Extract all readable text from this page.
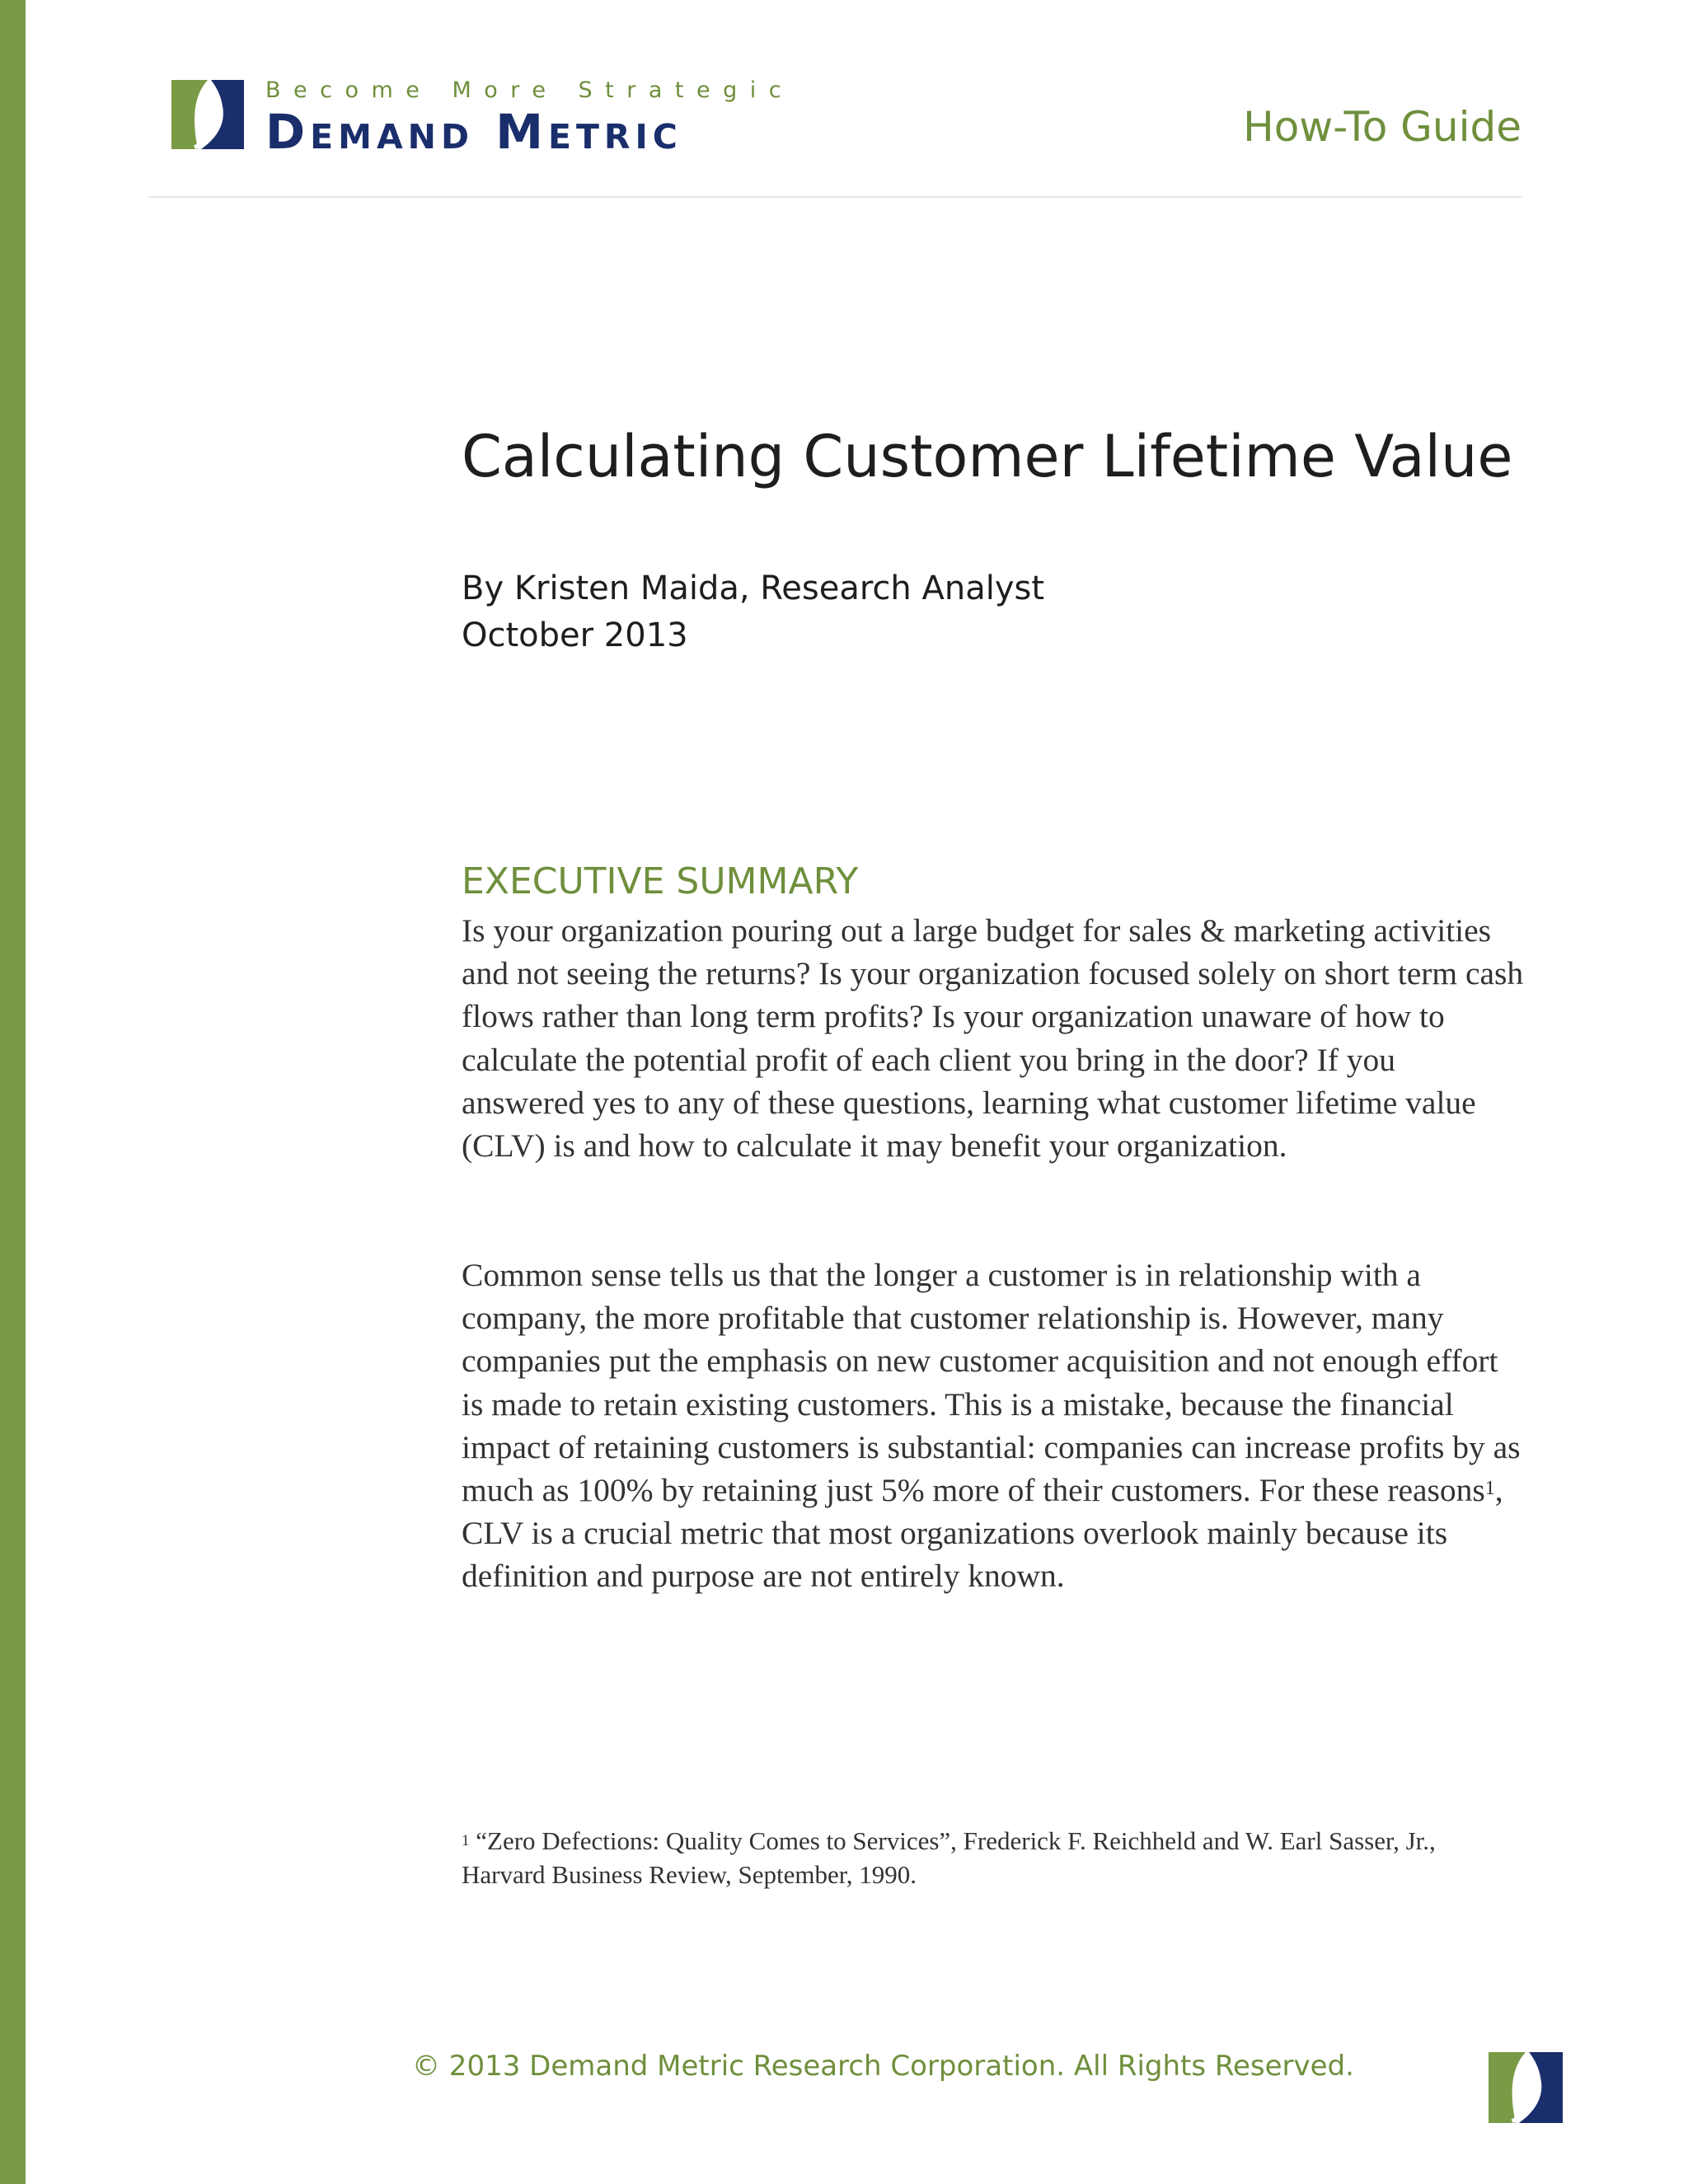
Become More Strategic
Demand Metric	How-To Guide
Calculating Customer Lifetime Value
By Kristen Maida, Research Analyst
October 2013
EXECUTIVE SUMMARY

Is your organization pouring out a large budget for sales & marketing activities and not seeing the returns? Is your organization focused solely on short term cash flows rather than long term profits? Is your organization unaware of how to calculate the potential profit of each client you bring in the door? If you answered yes to any of these questions, learning what customer lifetime value (CLV) is and how to calculate it may benefit your organization.

Common sense tells us that the longer a customer is in relationship with a company, the more profitable that customer relationship is. However, many companies put the emphasis on new customer acquisition and not enough effort is made to retain existing customers. This is a mistake, because the financial impact of retaining customers is substantial: companies can increase profits by as much as 100% by retaining just 5% more of their customers. For these reasons$^1$, CLV is a crucial metric that most organizations overlook mainly because its definition and purpose are not entirely known.

$^1$ “Zero Defections: Quality Comes to Services”, Frederick F. Reichheld and W. Earl Sasser, Jr., Harvard Business Review, September, 1990.

© 2013 Demand Metric Research Corporation. All Rights Reserved.
